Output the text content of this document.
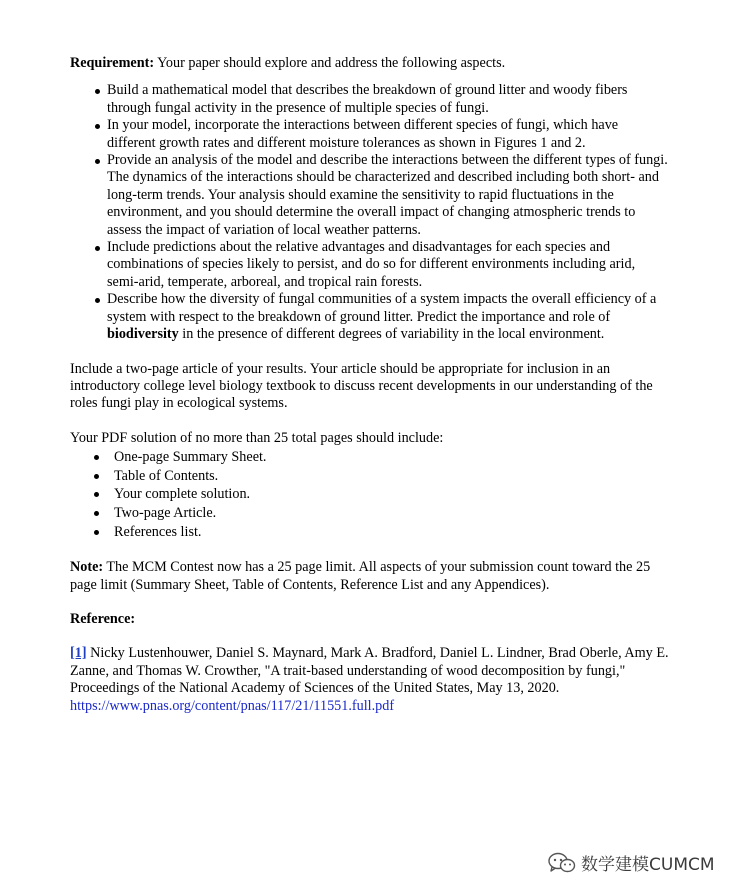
Requirement: Your paper should explore and address the following aspects.

Build a mathematical model that describes the breakdown of ground litter and woody fibers through fungal activity in the presence of multiple species of fungi.
In your model, incorporate the interactions between different species of fungi, which have different growth rates and different moisture tolerances as shown in Figures 1 and 2.
Provide an analysis of the model and describe the interactions between the different types of fungi. The dynamics of the interactions should be characterized and described including both short- and long-term trends. Your analysis should examine the sensitivity to rapid fluctuations in the environment, and you should determine the overall impact of changing atmospheric trends to assess the impact of variation of local weather patterns.
Include predictions about the relative advantages and disadvantages for each species and combinations of species likely to persist, and do so for different environments including arid, semi-arid, temperate, arboreal, and tropical rain forests.
Describe how the diversity of fungal communities of a system impacts the overall efficiency of a system with respect to the breakdown of ground litter. Predict the importance and role of biodiversity in the presence of different degrees of variability in the local environment.

Include a two-page article of your results. Your article should be appropriate for inclusion in an introductory college level biology textbook to discuss recent developments in our understanding of the roles fungi play in ecological systems.

Your PDF solution of no more than 25 total pages should include:

One-page Summary Sheet.
Table of Contents.
Your complete solution.
Two-page Article.
References list.

Note: The MCM Contest now has a 25 page limit. All aspects of your submission count toward the 25 page limit (Summary Sheet, Table of Contents, Reference List and any Appendices).

Reference:

[1] Nicky Lustenhouwer, Daniel S. Maynard, Mark A. Bradford, Daniel L. Lindner, Brad Oberle, Amy E. Zanne, and Thomas W. Crowther, "A trait-based understanding of wood decomposition by fungi," Proceedings of the National Academy of Sciences of the United States, May 13, 2020.
https://www.pnas.org/content/pnas/117/21/11551.full.pdf

数学建模CUMCM
